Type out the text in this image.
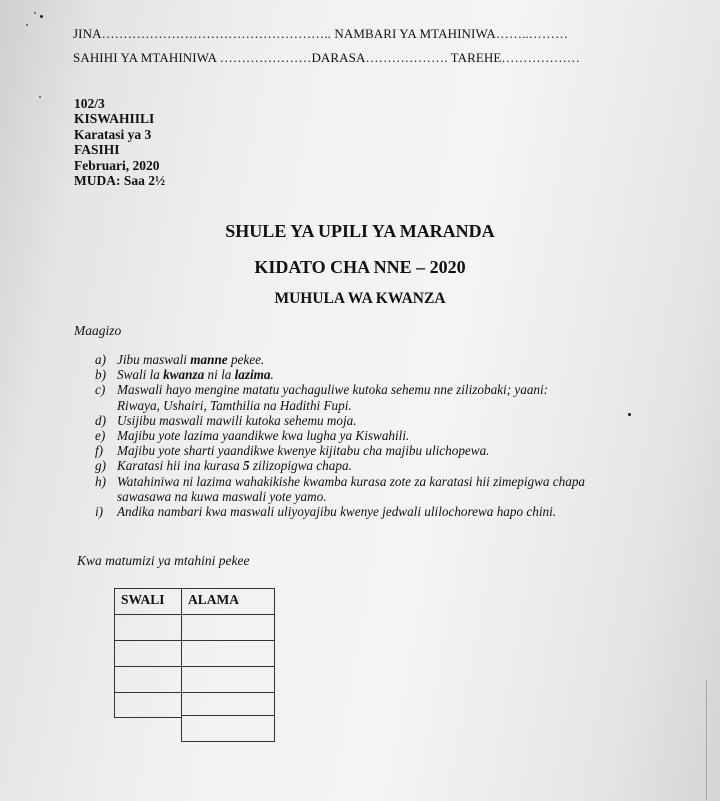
JINA…………………………………………….. NAMBARI YA MTAHINIWA……..………
SAHIHI YA MTAHINIWA …………………DARASA………………. TAREHE………………
102/3
KISWAHIILI
Karatasi ya 3
FASIHI
Februari, 2020
MUDA: Saa 2½
SHULE YA UPILI YA MARANDA
KIDATO CHA NNE – 2020
MUHULA WA KWANZA
Maagizo
a) Jibu maswali manne pekee.
b) Swali la kwanza ni la lazima.
c) Maswali hayo mengine matatu yachaguliwe kutoka sehemu nne zilizobaki; yaani:
Riwaya, Ushairi, Tamthilia na Hadithi Fupi.
d) Usijibu maswali mawili kutoka sehemu moja.
e) Majibu yote lazima yaandikwe kwa lugha ya Kiswahili.
f)	Majibu yote sharti yaandikwe kwenye kijitabu cha majibu ulichopewa.
g) Karatasi hii ina kurasa 5 zilizopigwa chapa.
h) Watahiniwa ni lazima wahakikishe kwamba kurasa zote za karatasi hii zimepigwa chapa
sawasawa na kuwa maswali yote yamo.
i)	Andika nambari kwa maswali uliyoyajibu kwenye jedwali ulilochorewa hapo chini.
Kwa matumizi ya mtahini pekee
SWALI ALAMA
